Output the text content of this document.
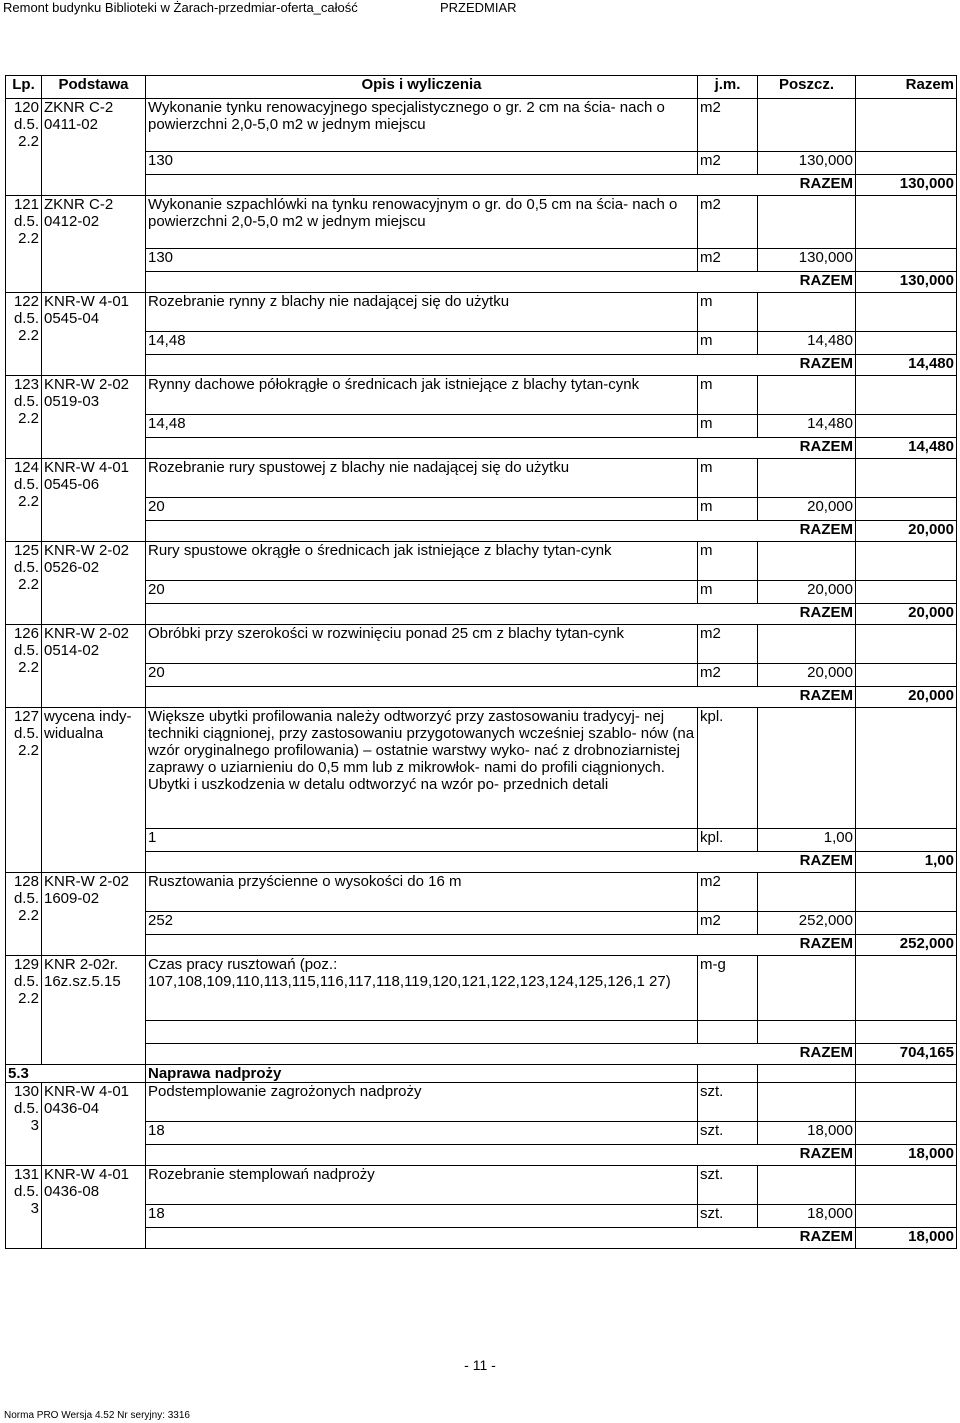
Remont budynku Biblioteki w Żarach-przedmiar-oferta_całość	PRZEDMIAR
Lp.	Podstawa	Opis i wyliczenia	j.m.	Poszcz.	Razem
120 d.5. 2.2	ZKNR C-2 0411-02	Wykonanie tynku renowacyjnego specjalistycznego o gr. 2 cm na ścia- nach o powierzchni 2,0-5,0 m2 w jednym miejscu	m2		
		130	m2	130,000	
		RAZEM			130,000
121 d.5. 2.2	ZKNR C-2 0412-02	Wykonanie szpachlówki na tynku renowacyjnym o gr. do 0,5 cm na ścia- nach o powierzchni 2,0-5,0 m2 w jednym miejscu	m2		
		130	m2	130,000	
		RAZEM			130,000
122 d.5. 2.2	KNR-W 4-01 0545-04	Rozebranie rynny z blachy nie nadającej się do użytku	m		
		14,48	m	14,480	
		RAZEM			14,480
123 d.5. 2.2	KNR-W 2-02 0519-03	Rynny dachowe półokrągłe o średnicach jak istniejące z blachy tytan-cynk	m		
		14,48	m	14,480	
		RAZEM			14,480
124 d.5. 2.2	KNR-W 4-01 0545-06	Rozebranie rury spustowej z blachy nie nadającej się do użytku	m		
		20	m	20,000	
		RAZEM			20,000
125 d.5. 2.2	KNR-W 2-02 0526-02	Rury spustowe okrągłe o średnicach jak istniejące z blachy tytan-cynk	m		
		20	m	20,000	
		RAZEM			20,000
126 d.5. 2.2	KNR-W 2-02 0514-02	Obróbki przy szerokości w rozwinięciu ponad 25 cm z blachy tytan-cynk	m2		
		20	m2	20,000	
		RAZEM			20,000
127 d.5. 2.2	wycena indy- widualna	Większe ubytki profilowania należy odtworzyć przy zastosowaniu tradycyj- nej techniki ciągnionej, przy zastosowaniu przygotowanych wcześniej szablo- nów (na wzór oryginalnego profilowania) – ostatnie warstwy wyko- nać z drobnoziarnistej zaprawy o uziarnieniu do 0,5 mm lub z mikrowłok- nami do profili ciągnionych. Ubytki i uszkodzenia w detalu odtworzyć na wzór po- przednich detali	kpl.		
		1	kpl.	1,00	
		RAZEM			1,00
128 d.5. 2.2	KNR-W 2-02 1609-02	Rusztowania przyścienne o wysokości do 16 m	m2		
		252	m2	252,000	
		RAZEM			252,000
129 d.5. 2.2	KNR 2-02r. 16z.sz.5.15	Czas pracy rusztowań (poz.: 107,108,109,110,113,115,116,117,118,119,120,121,122,123,124,125,126,1 27)	m-g		

		RAZEM			704,165
5.3		Naprawa nadproży			
130 d.5. 3	KNR-W 4-01 0436-04	Podstemplowanie zagrożonych nadproży	szt.		
		18	szt.	18,000	
		RAZEM			18,000
131 d.5. 3	KNR-W 4-01 0436-08	Rozebranie stemplowań nadproży	szt.		
		18	szt.	18,000	
		RAZEM			18,000
- 11 -
Norma PRO Wersja 4.52 Nr seryjny: 3316
